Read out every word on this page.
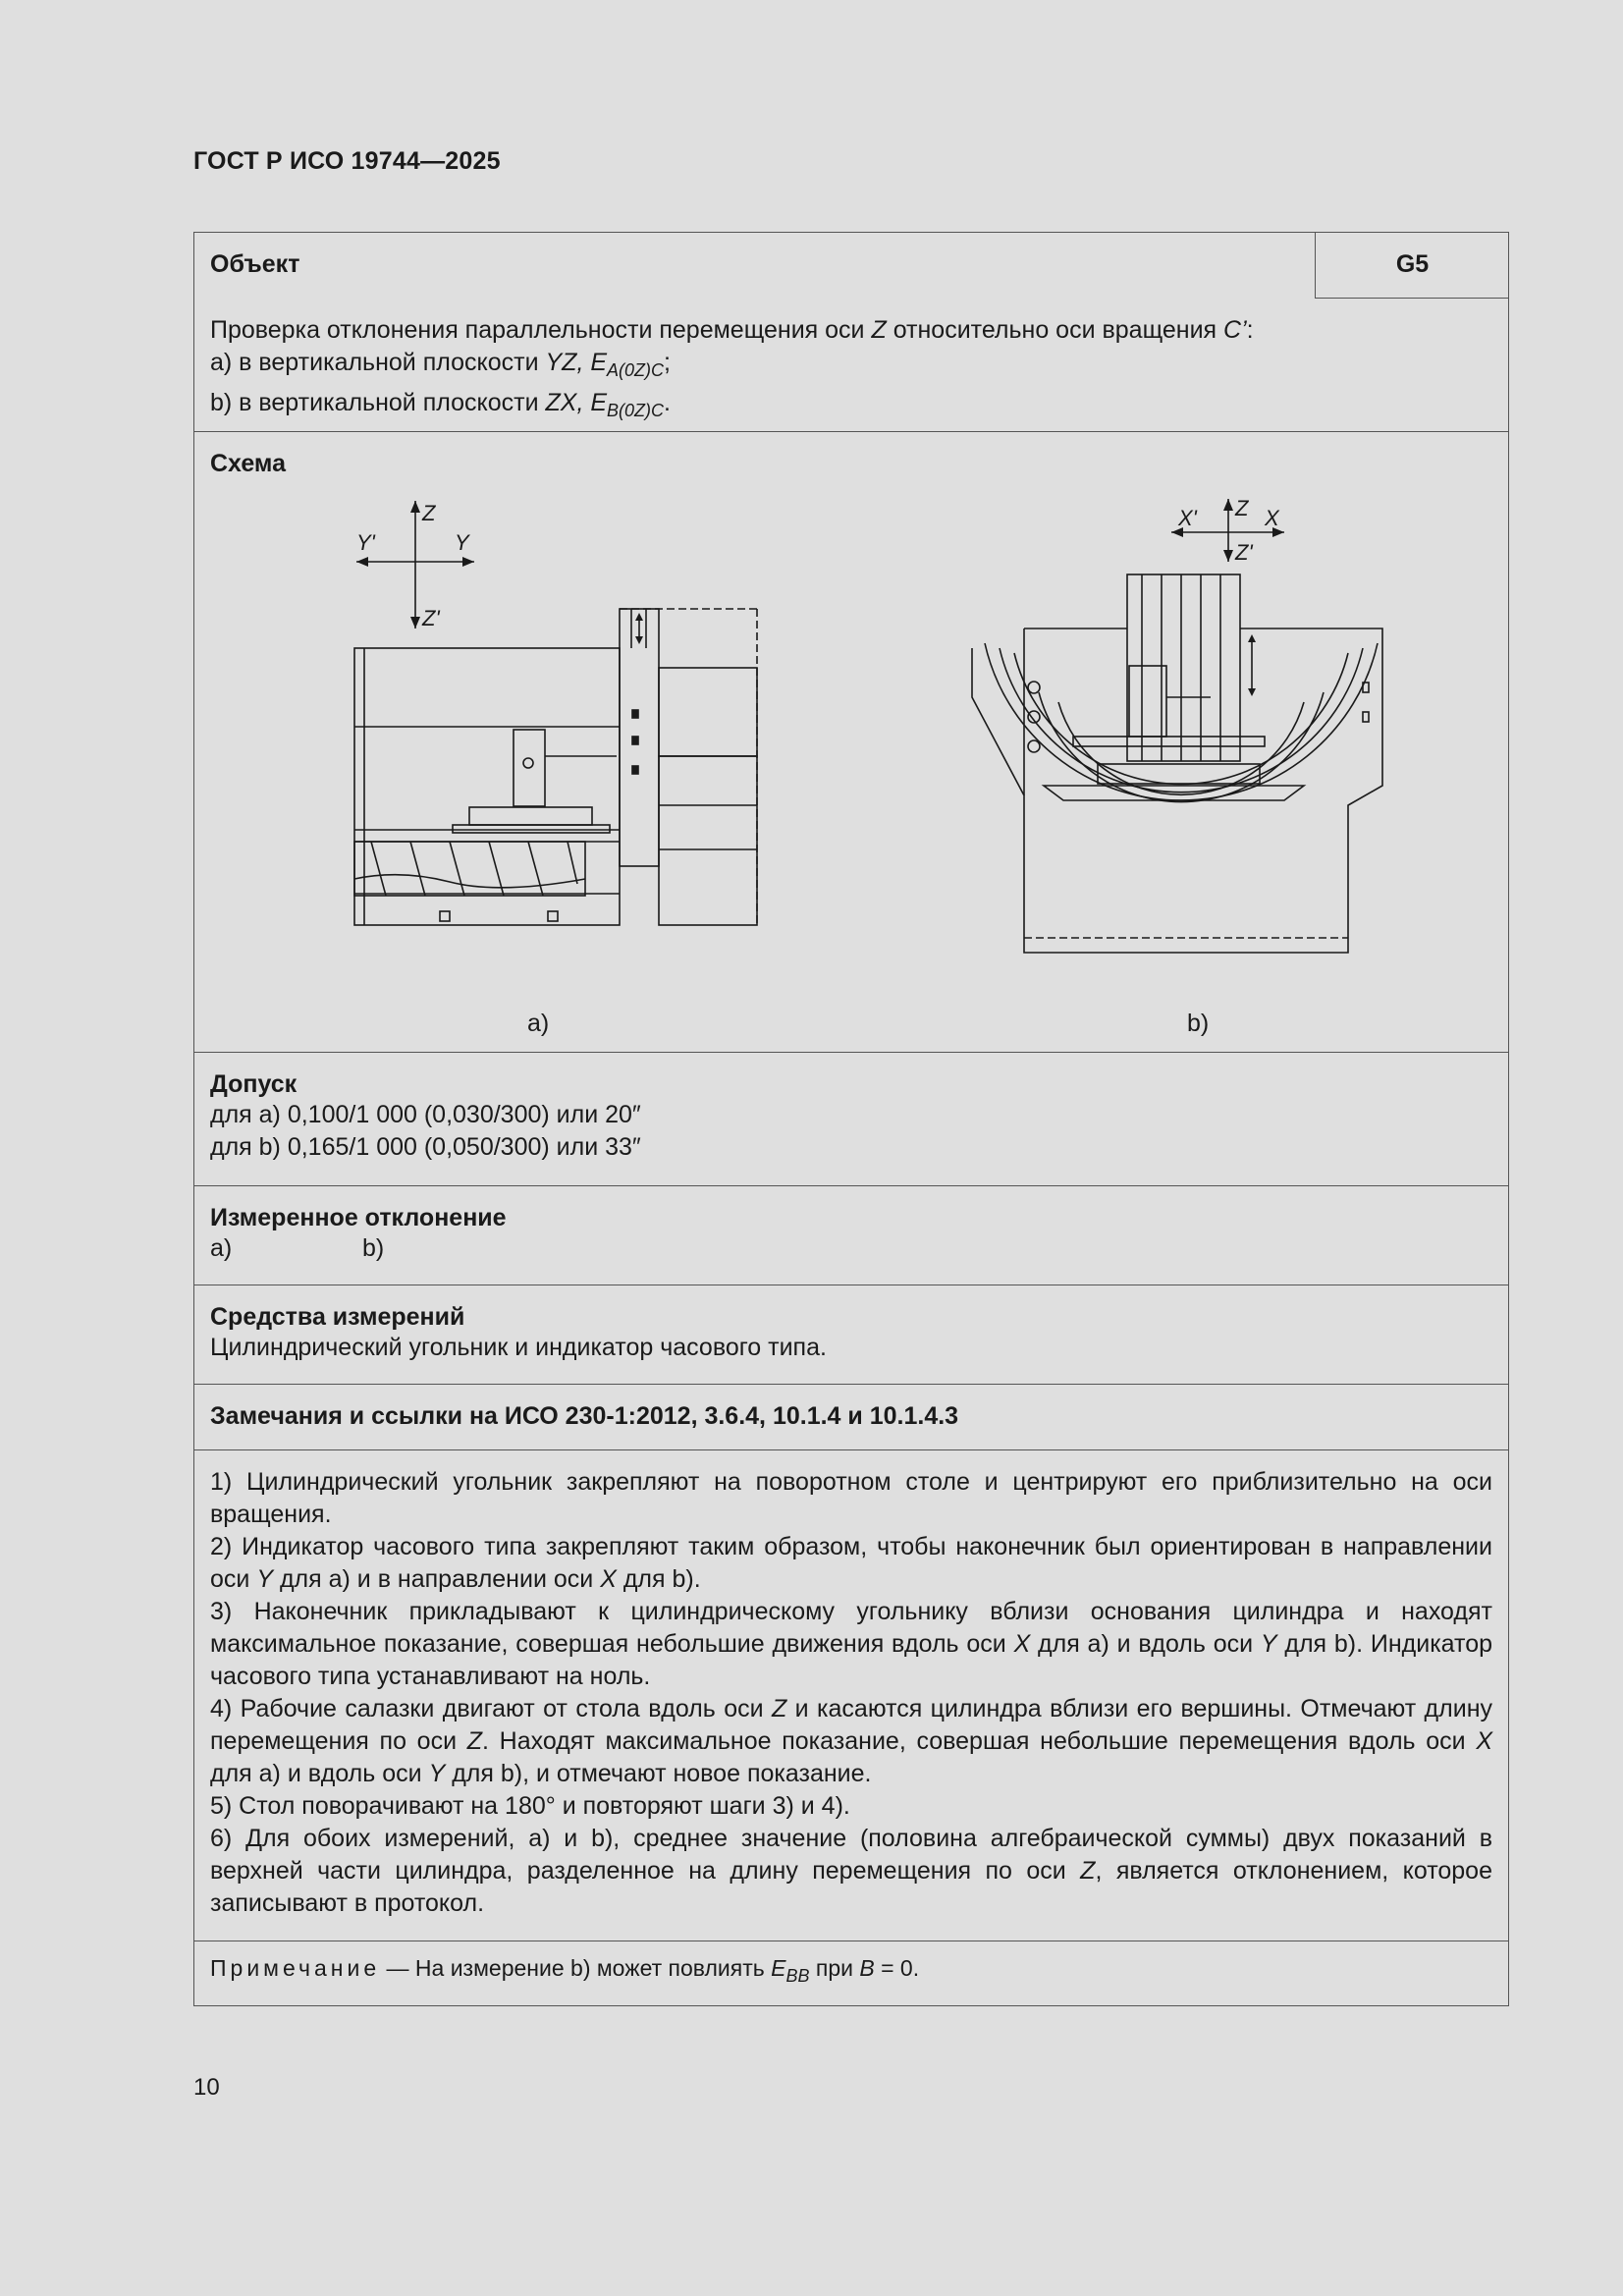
ГОСТ Р ИСО 19744—2025
Объект	G5
Проверка отклонения параллельности перемещения оси Z относительно оси вращения C’:
a) в вертикальной плоскости YZ, $E_{A(0Z)C}$;
b) в вертикальной плоскости ZX, $E_{B(0Z)C}$.
Схема
Z
Y'	Y
Z'
a)
Z
X'	X
Z'
b)
Допуск
для a) 0,100/1 000 (0,030/300) или 20″
для b) 0,165/1 000 (0,050/300) или 33″
Измеренное отклонение
a)	b)
Средства измерений
Цилиндрический угольник и индикатор часового типа.
Замечания и ссылки на ИСО 230-1:2012, 3.6.4, 10.1.4 и 10.1.4.3

1) Цилиндрический угольник закрепляют на поворотном столе и центрируют его приблизительно на оси вращения.

2) Индикатор часового типа закрепляют таким образом, чтобы наконечник был ориентирован в направлении оси Y для a) и в направлении оси X для b).

3) Наконечник прикладывают к цилиндрическому угольнику вблизи основания цилиндра и находят максимальное показание, совершая небольшие движения вдоль оси X для a) и вдоль оси Y для b). Индикатор часового типа устанавливают на ноль.

4) Рабочие салазки двигают от стола вдоль оси Z и касаются цилиндра вблизи его вершины. Отмечают длину перемещения по оси Z. Находят максимальное показание, совершая небольшие перемещения вдоль оси X для a) и вдоль оси Y для b), и отмечают новое показание.

5) Стол поворачивают на 180° и повторяют шаги 3) и 4).

6) Для обоих измерений, a) и b), среднее значение (половина алгебраической суммы) двух показаний в верхней части цилиндра, разделенное на длину перемещения по оси Z, является отклонением, которое записывают в протокол.

Примечание — На измерение b) может повлиять $E_{BB}$ при B = 0.
10
